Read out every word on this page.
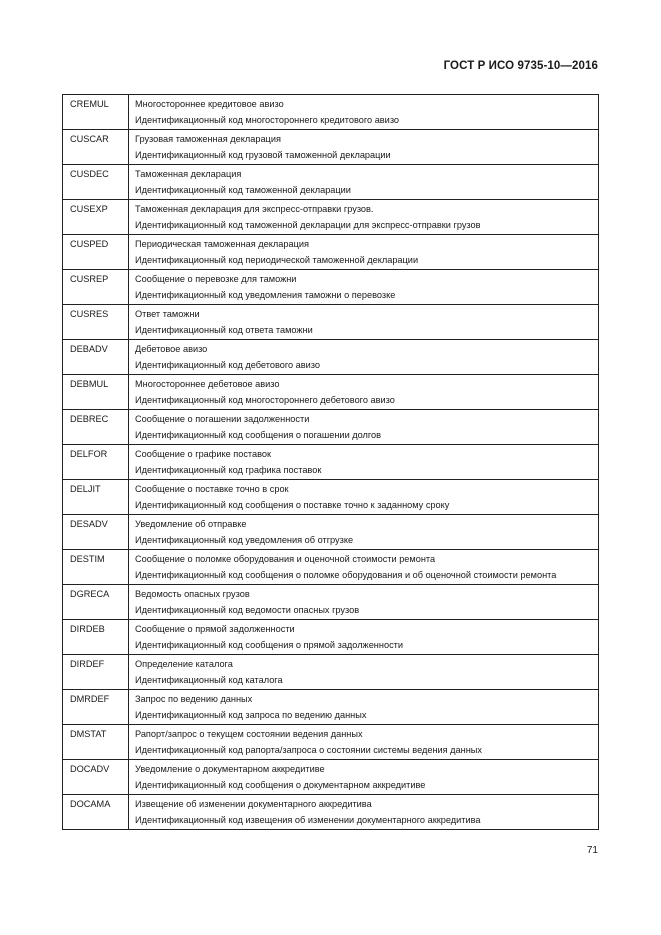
ГОСТ Р ИСО 9735-10—2016
CREMUL	Многостороннее кредитовое авизо
Идентификационный код многостороннего кредитового авизо

CUSCAR	Грузовая таможенная декларация
Идентификационный код грузовой таможенной декларации

CUSDEC	Таможенная декларация
Идентификационный код таможенной декларации

CUSEXP	Таможенная декларация для экспресс-отправки грузов.
Идентификационный код таможенной декларации для экспресс-отправки грузов

CUSPED	Периодическая таможенная декларация
Идентификационный код периодической таможенной декларации

CUSREP	Сообщение о перевозке для таможни
Идентификационный код уведомления таможни о перевозке

CUSRES	Ответ таможни
Идентификационный код ответа таможни

DEBADV	Дебетовое авизо
Идентификационный код дебетового авизо

DEBMUL	Многостороннее дебетовое авизо
Идентификационный код многостороннего дебетового авизо

DEBREC	Сообщение о погашении задолженности
Идентификационный код сообщения о погашении долгов

DELFOR	Сообщение о графике поставок
Идентификационный код графика поставок

DELJIT	Сообщение о поставке точно в срок
Идентификационный код сообщения о поставке точно к заданному сроку

DESADV	Уведомление об отправке
Идентификационный код уведомления об отгрузке

DESTIM	Сообщение о поломке оборудования и оценочной стоимости ремонта
Идентификационный код сообщения о поломке оборудования и об оценочной стоимости ремонта

DGRECA	Ведомость опасных грузов
Идентификационный код ведомости опасных грузов

DIRDEB	Сообщение о прямой задолженности
Идентификационный код сообщения о прямой задолженности

DIRDEF	Определение каталога
Идентификационный код каталога

DMRDEF	Запрос по ведению данных
Идентификационный код запроса по ведению данных

DMSTAT	Рапорт/запрос о текущем состоянии ведения данных
Идентификационный код рапорта/запроса о состоянии системы ведения данных

DOCADV	Уведомление о документарном аккредитиве
Идентификационный код сообщения о документарном аккредитиве

DOCAMA	Извещение об изменении документарного аккредитива
Идентификационный код извещения об изменении документарного аккредитива
71
